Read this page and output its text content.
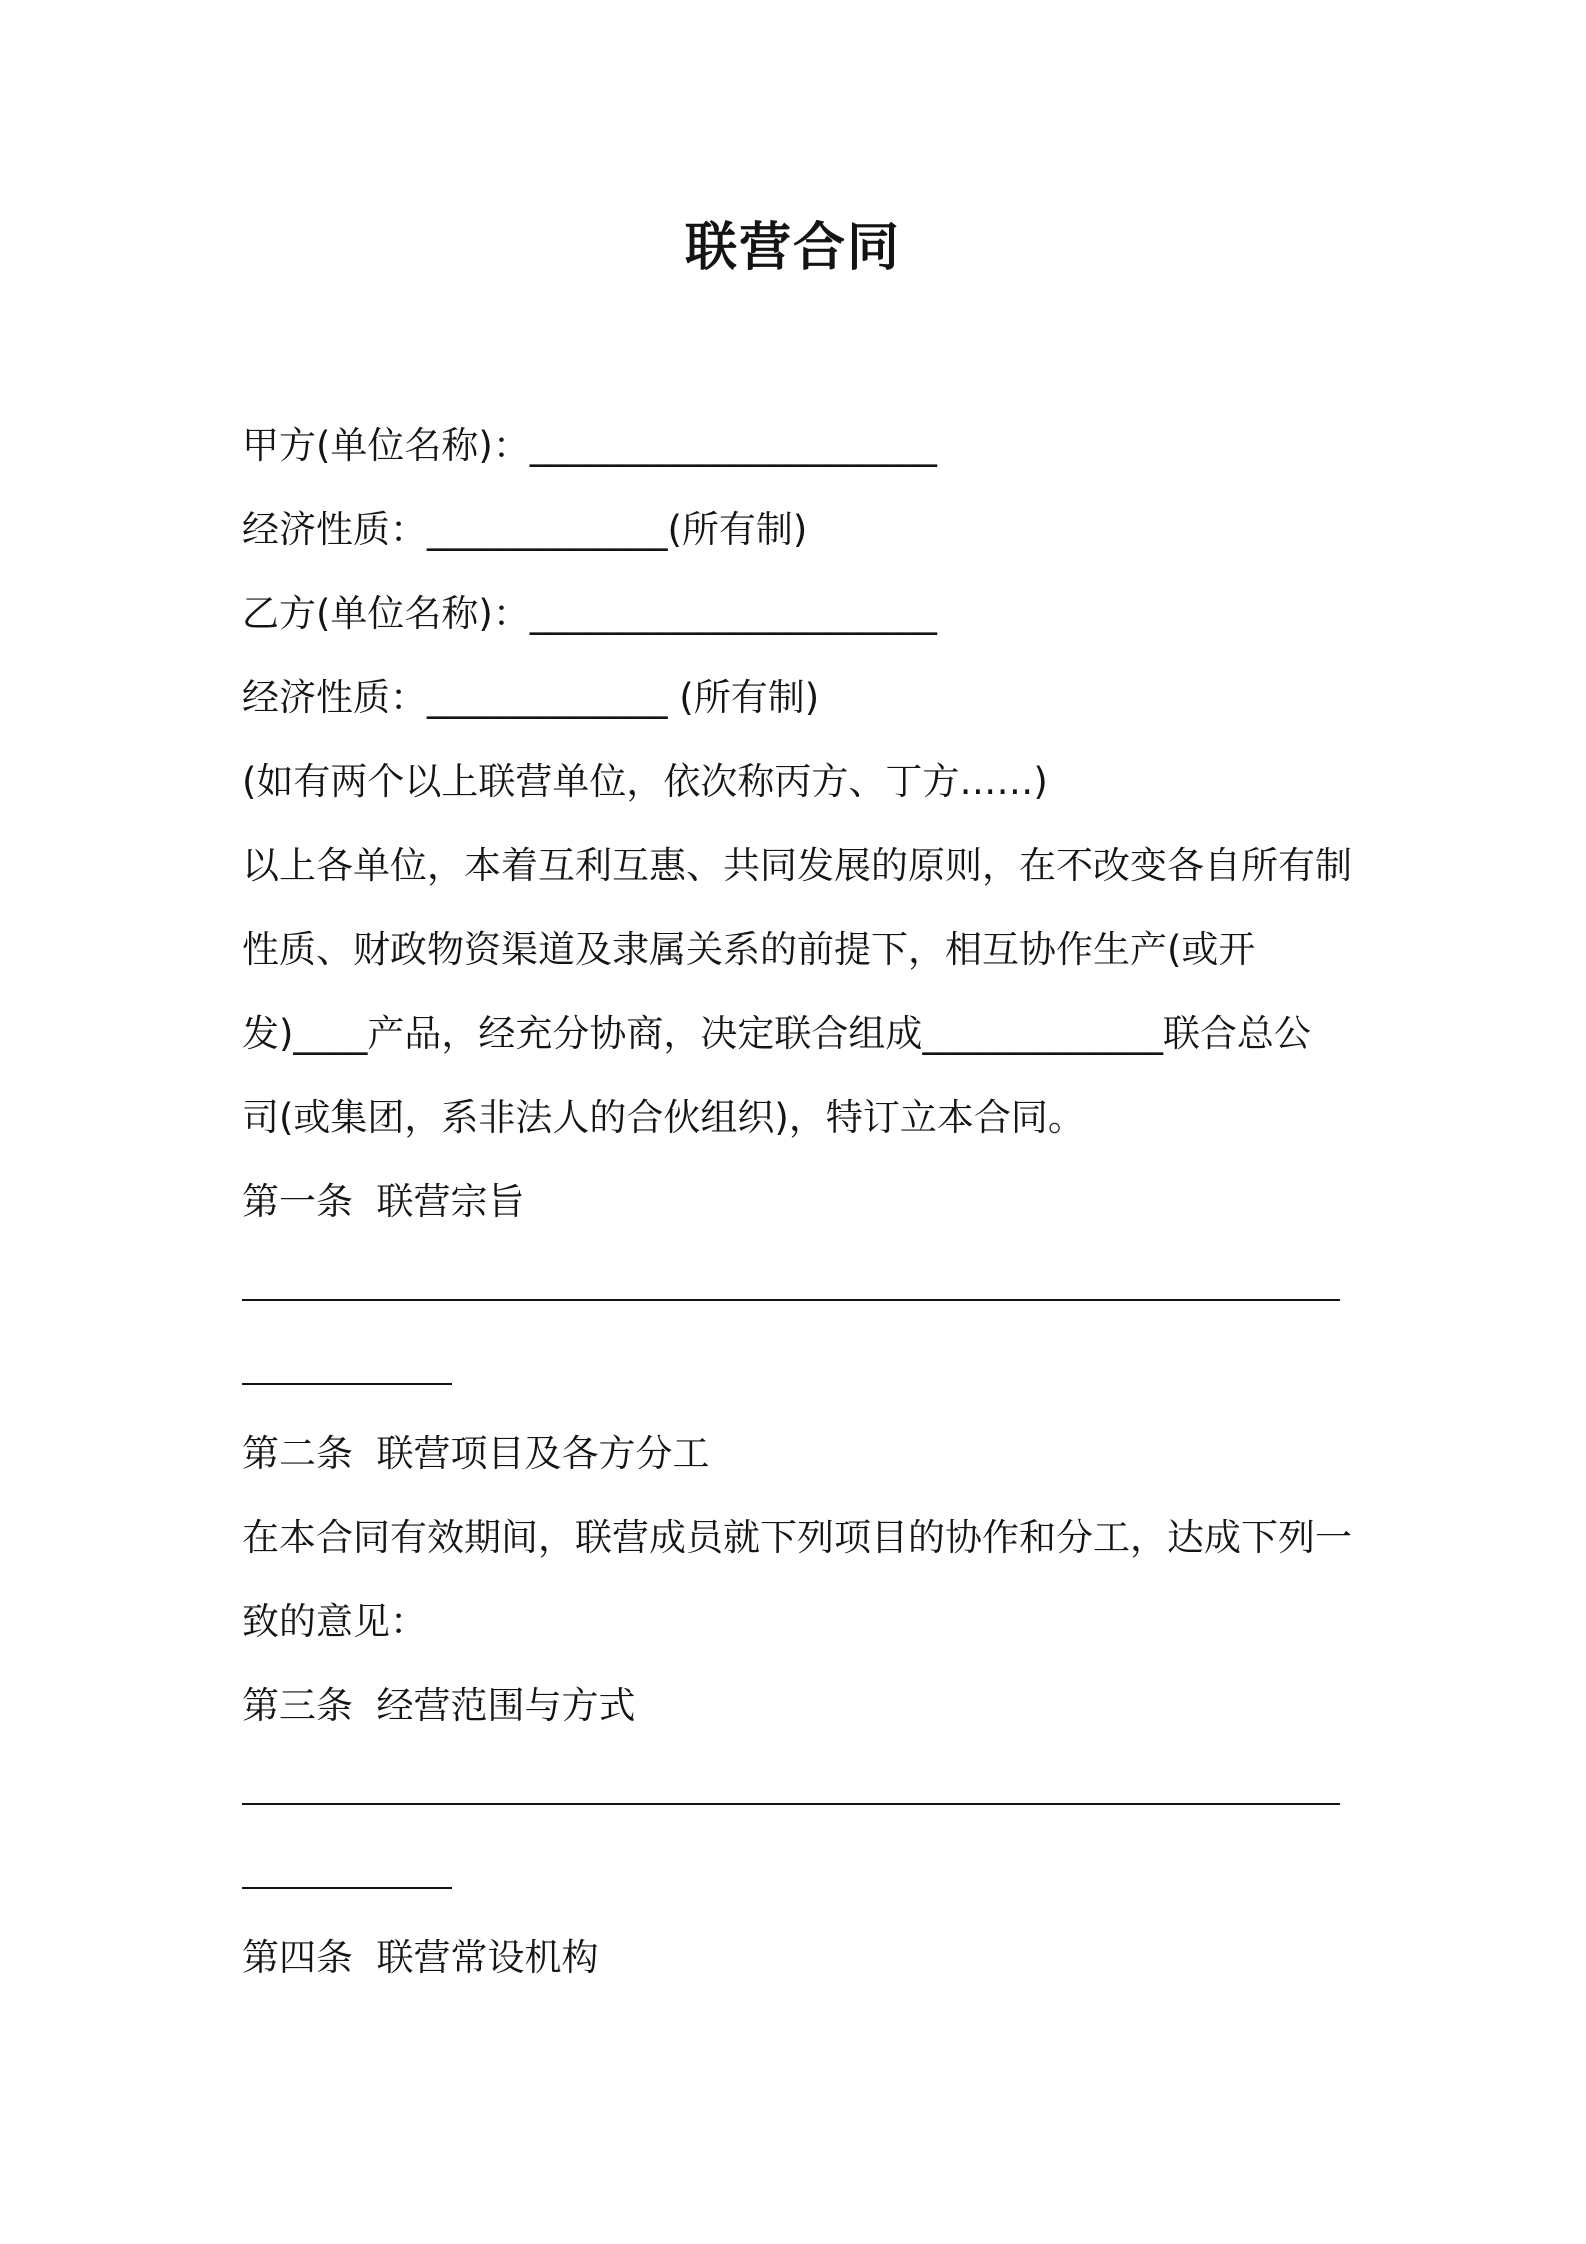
联营合同
甲方(单位名称)：______________________
经济性质：_____________(所有制)
乙方(单位名称)：______________________
经济性质：_____________ (所有制)
(如有两个以上联营单位，依次称丙方、丁方……)
以上各单位，本着互利互惠、共同发展的原则，在不改变各自所有制
性质、财政物资渠道及隶属关系的前提下，相互协作生产(或开
发)____产品，经充分协商，决定联合组成_____________联合总公
司(或集团，系非法人的合伙组织)，特订立本合同。
第一条  联营宗旨
第二条  联营项目及各方分工
在本合同有效期间，联营成员就下列项目的协作和分工，达成下列一
致的意见：
第三条  经营范围与方式
第四条  联营常设机构
